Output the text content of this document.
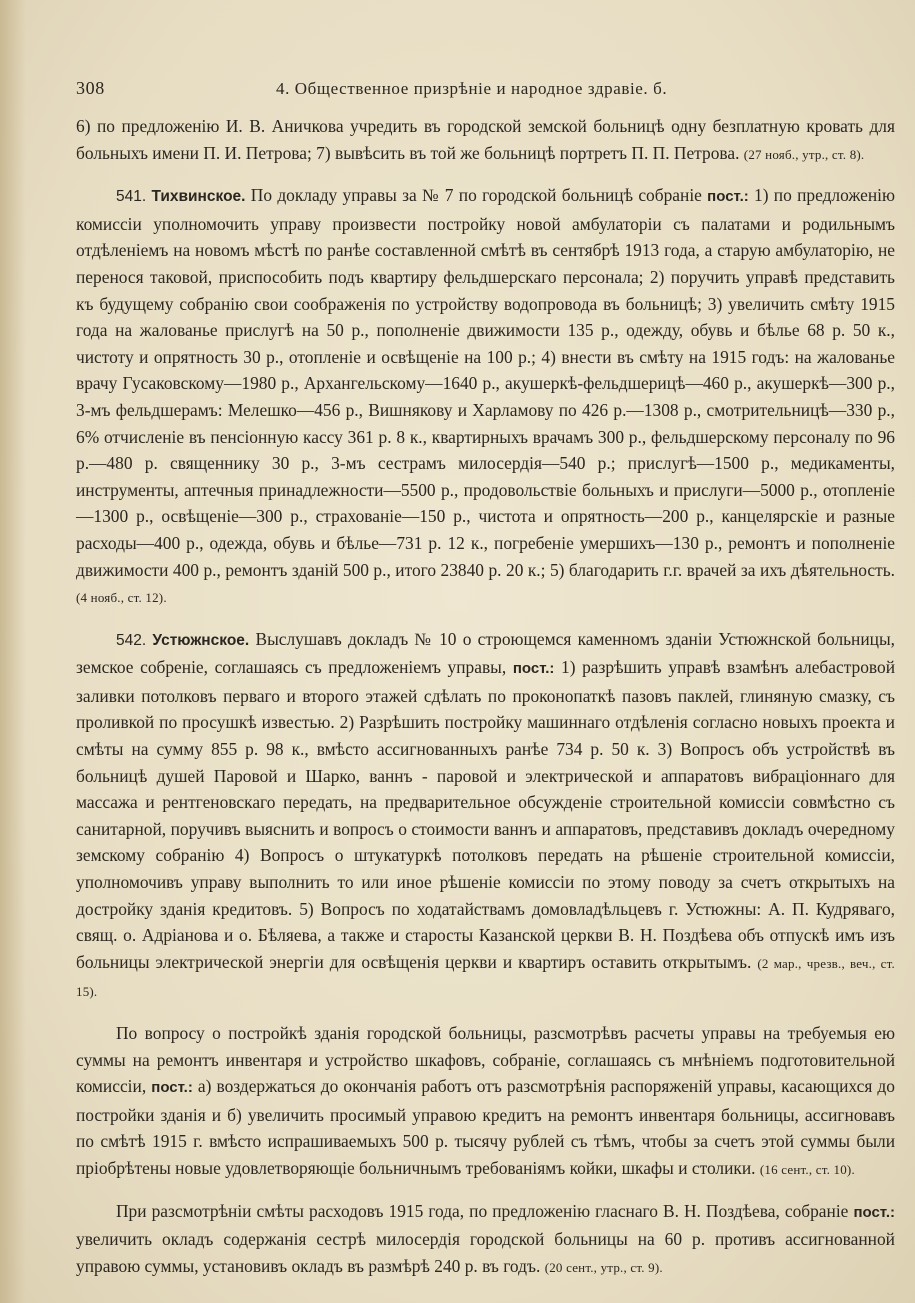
308	4. Общественное призрѣніе и народное здравіе. б.

6) по предложенію И. В. Аничкова учредить въ городской земской больницѣ одну безплатную кровать для больныхъ имени П. И. Петрова; 7) вывѣсить въ той же больницѣ портретъ П. П. Петрова. (27 нояб., утр., ст. 8).

541. Тихвинское. По докладу управы за № 7 по городской больницѣ собраніе пост.: 1) по предложенію комиссіи уполномочить управу произвести постройку новой амбулаторіи съ палатами и родильнымъ отдѣленіемъ на новомъ мѣстѣ по ранѣе составленной смѣтѣ въ сентябрѣ 1913 года, а старую амбулаторію, не перенося таковой, приспособить подъ квартиру фельдшерскаго персонала; 2) поручить управѣ представить къ будущему собранію свои соображенія по устройству водопровода въ больницѣ; 3) увеличить смѣту 1915 года на жалованье прислугѣ на 50 р., пополненіе движимости 135 р., одежду, обувь и бѣлье 68 р. 50 к., чистоту и опрятность 30 р., отопленіе и освѣщеніе на 100 р.; 4) внести въ смѣту на 1915 годъ: на жалованье врачу Гусаковскому—1980 р., Архангельскому—1640 р., акушеркѣ-фельдшерицѣ—460 р., акушеркѣ—300 р., 3-мъ фельдшерамъ: Мелешко—456 р., Вишнякову и Харламову по 426 р.—1308 р., смотрительницѣ—330 р., 6% отчисленіе въ пенсіонную кассу 361 р. 8 к., квартирныхъ врачамъ 300 р., фельдшерскому персоналу по 96 р.—480 р. священнику 30 р., 3-мъ сестрамъ милосердія—540 р.; прислугѣ—1500 р., медикаменты, инструменты, аптечныя принадлежности—5500 р., продовольствіе больныхъ и прислуги—5000 р., отопленіе—1300 р., освѣщеніе—300 р., страхованіе—150 р., чистота и опрятность—200 р., канцелярскіе и разные расходы—400 р., одежда, обувь и бѣлье—731 р. 12 к., погребеніе умершихъ—130 р., ремонтъ и пополненіе движимости 400 р., ремонтъ зданій 500 р., итого 23840 р. 20 к.; 5) благодарить г.г. врачей за ихъ дѣятельность. (4 нояб., ст. 12).

542. Устюжнское. Выслушавъ докладъ № 10 о строющемся каменномъ зданіи Устюжнской больницы, земское собреніе, соглашаясь съ предложеніемъ управы, пост.: 1) разрѣшить управѣ взамѣнъ алебастровой заливки потолковъ перваго и второго этажей сдѣлать по проконопаткѣ пазовъ паклей, глиняную смазку, съ проливкой по просушкѣ известью. 2) Разрѣшить постройку машиннаго отдѣленія согласно новыхъ проекта и смѣты на сумму 855 р. 98 к., вмѣсто ассигнованныхъ ранѣе 734 р. 50 к. 3) Вопросъ объ устройствѣ въ больницѣ душей Паровой и Шарко, ваннъ - паровой и электрической и аппаратовъ вибраціоннаго для массажа и рентгеновскаго передать, на предварительное обсужденіе строительной комиссіи совмѣстно съ санитарной, поручивъ выяснить и вопросъ о стоимости ваннъ и аппаратовъ, представивъ докладъ очередному земскому собранію 4) Вопросъ о штукатуркѣ потолковъ передать на рѣшеніе строительной комиссіи, уполномочивъ управу выполнить то или иное рѣшеніе комиссіи по этому поводу за счетъ открытыхъ на достройку зданія кредитовъ. 5) Вопросъ по ходатайствамъ домовладѣльцевъ г. Устюжны: А. П. Кудрявaго, свящ. о. Адріанова и о. Бѣляева, а также и старосты Казанской церкви В. Н. Поздѣева объ отпускѣ имъ изъ больницы электрической энергіи для освѣщенія церкви и квартиръ оставить открытымъ. (2 мар., чрезв., веч., ст. 15).

По вопросу о постройкѣ зданія городской больницы, разсмотрѣвъ расчеты управы на требуемыя ею суммы на ремонтъ инвентаря и устройство шкафовъ, собраніе, соглашаясь съ мнѣніемъ подготовительной комиссіи, пост.: а) воздержаться до окончанія работъ отъ разсмотрѣнія распоряженій управы, касающихся до постройки зданія и б) увеличить просимый управою кредитъ на ремонтъ инвентаря больницы, ассигновавъ по смѣтѣ 1915 г. вмѣсто испрашиваемыхъ 500 р. тысячу рублей съ тѣмъ, чтобы за счетъ этой суммы были пріобрѣтены новые удовлетворяющіе больничнымъ требованіямъ койки, шкафы и столики. (16 сент., ст. 10).

При разсмотрѣніи смѣты расходовъ 1915 года, по предложенію гласнаго В. Н. Поздѣева, собраніе пост.: увеличить окладъ содержанія сестрѣ милосердія городской больницы на 60 р. противъ ассигнованной управою суммы, установивъ окладъ въ размѣрѣ 240 р. въ годъ. (20 сент., утр., ст. 9).
